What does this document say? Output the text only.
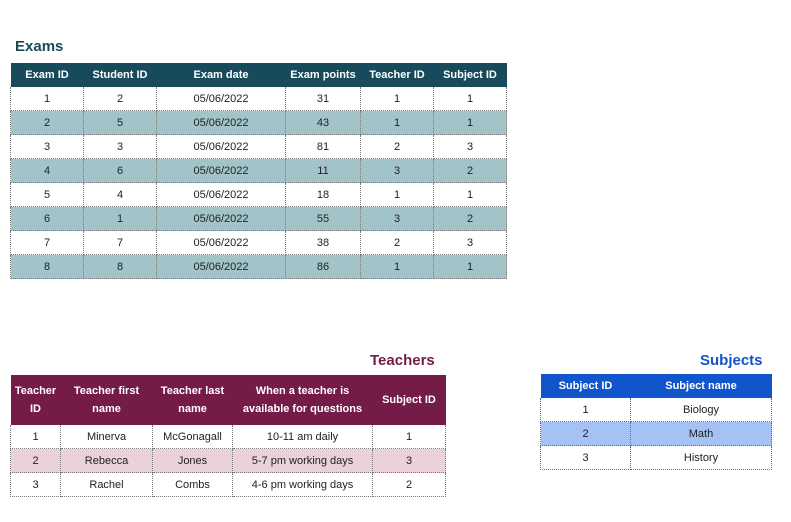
Exams
Exam ID	Student ID	Exam date	Exam points	Teacher ID	Subject ID
1	2	05/06/2022	31	1	1
2	5	05/06/2022	43	1	1
3	3	05/06/2022	81	2	3
4	6	05/06/2022	11	3	2
5	4	05/06/2022	18	1	1
6	1	05/06/2022	55	3	2
7	7	05/06/2022	38	2	3
8	8	05/06/2022	86	1	1
Teachers
Teacher ID	Teacher first name	Teacher last name	When a teacher is available for questions	Subject ID
1	Minerva	McGonagall	10-11 am daily	1
2	Rebecca	Jones	5-7 pm working days	3
3	Rachel	Combs	4-6 pm working days	2
Subjects
Subject ID	Subject name
1	Biology
2	Math
3	History
